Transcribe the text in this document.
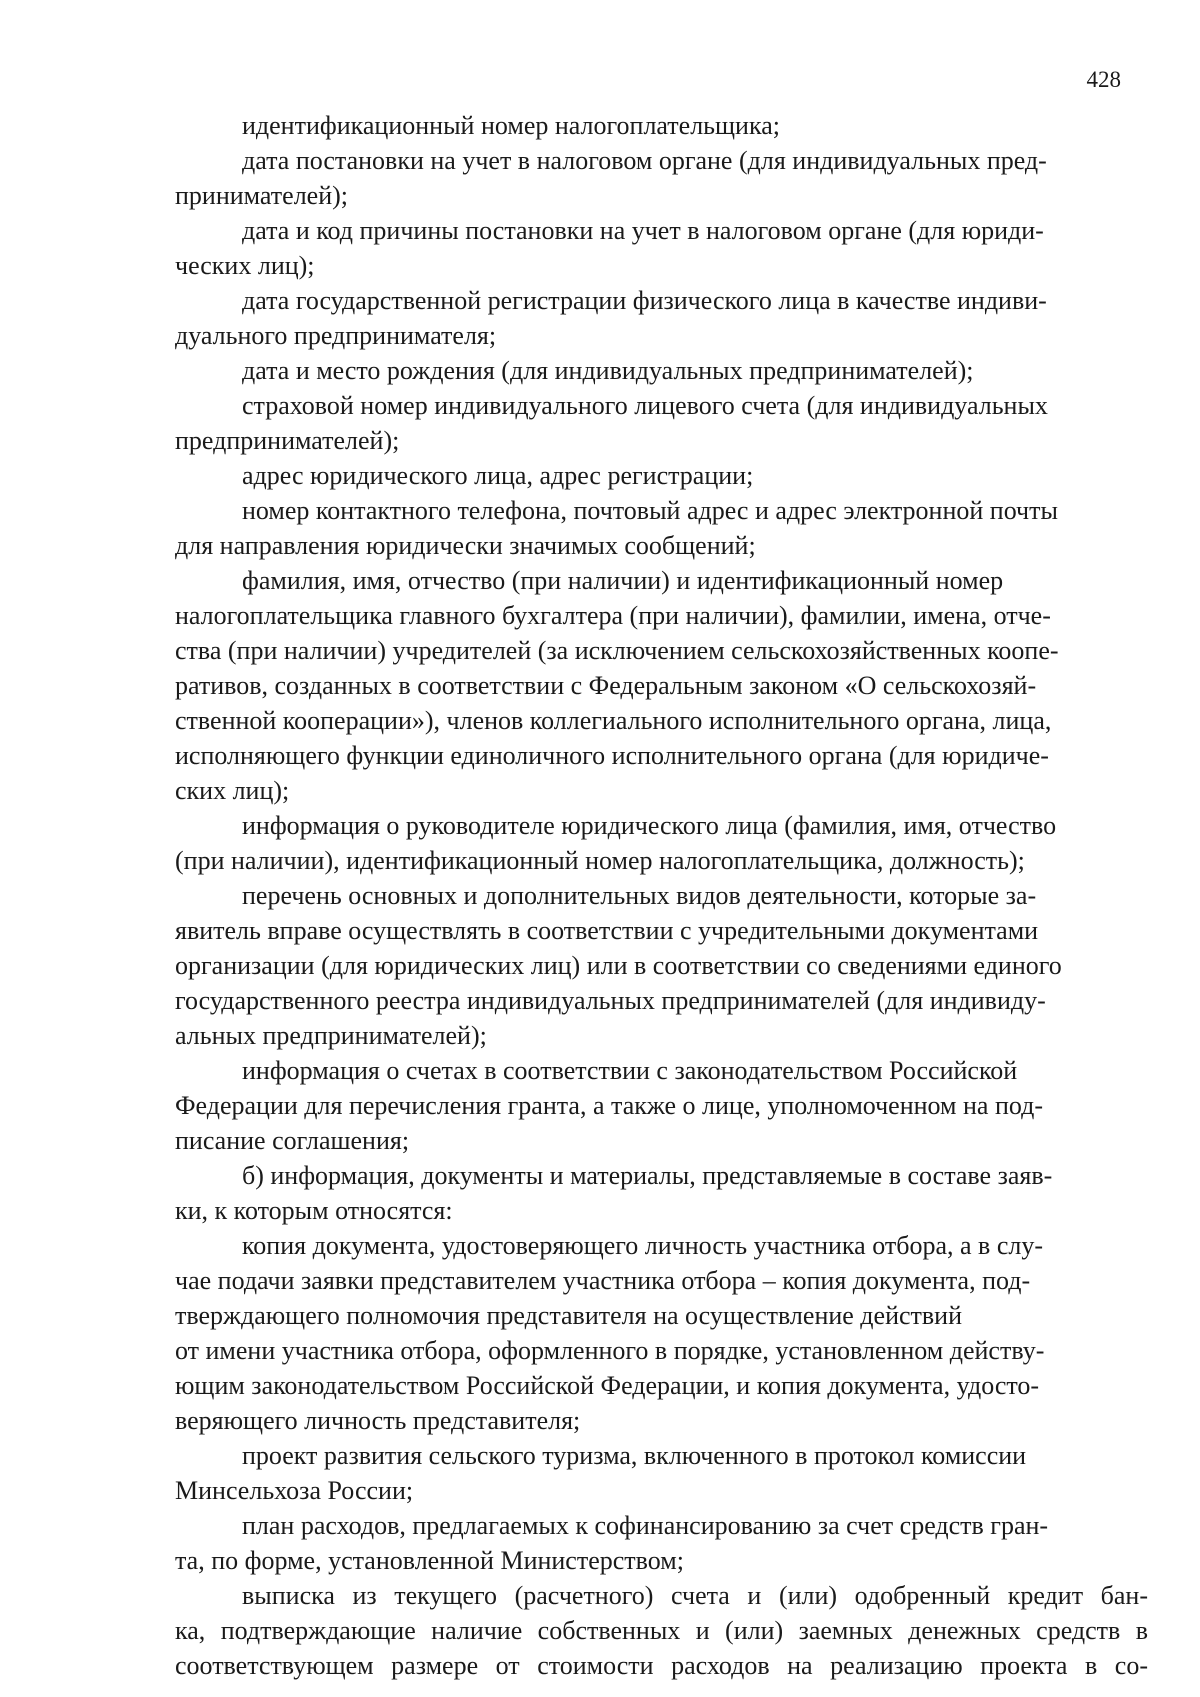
428

идентификационный номер налогоплательщика;

дата постановки на учет в налоговом органе (для индивидуальных пред-
принимателей);

дата и код причины постановки на учет в налоговом органе (для юриди-
ческих лиц);

дата государственной регистрации физического лица в качестве индиви-
дуального предпринимателя;

дата и место рождения (для индивидуальных предпринимателей);

страховой номер индивидуального лицевого счета (для индивидуальных
предпринимателей);

адрес юридического лица, адрес регистрации;

номер контактного телефона, почтовый адрес и адрес электронной почты
для направления юридически значимых сообщений;

фамилия, имя, отчество (при наличии) и идентификационный номер
налогоплательщика главного бухгалтера (при наличии), фамилии, имена, отче-
ства (при наличии) учредителей (за исключением сельскохозяйственных коопе-
ративов, созданных в соответствии с Федеральным законом «О сельскохозяй-
ственной кооперации»), членов коллегиального исполнительного органа, лица,
исполняющего функции единоличного исполнительного органа (для юридиче-
ских лиц);

информация о руководителе юридического лица (фамилия, имя, отчество
(при наличии), идентификационный номер налогоплательщика, должность);

перечень основных и дополнительных видов деятельности, которые за-
явитель вправе осуществлять в соответствии с учредительными документами
организации (для юридических лиц) или в соответствии со сведениями единого
государственного реестра индивидуальных предпринимателей (для индивиду-
альных предпринимателей);

информация о счетах в соответствии с законодательством Российской
Федерации для перечисления гранта, а также о лице, уполномоченном на под-
писание соглашения;

б) информация, документы и материалы, представляемые в составе заяв-
ки, к которым относятся:

копия документа, удостоверяющего личность участника отбора, а в слу-
чае подачи заявки представителем участника отбора – копия документа, под-
тверждающего полномочия представителя на осуществление действий
от имени участника отбора, оформленного в порядке, установленном действу-
ющим законодательством Российской Федерации, и копия документа, удосто-
веряющего личность представителя;

проект развития сельского туризма, включенного в протокол комиссии
Минсельхоза России;

план расходов, предлагаемых к софинансированию за счет средств гран-
та, по форме, установленной Министерством;

выписка из текущего (расчетного) счета и (или) одобренный кредит бан-
ка, подтверждающие наличие собственных и (или) заемных денежных средств в
соответствующем размере от стоимости расходов на реализацию проекта в со-
